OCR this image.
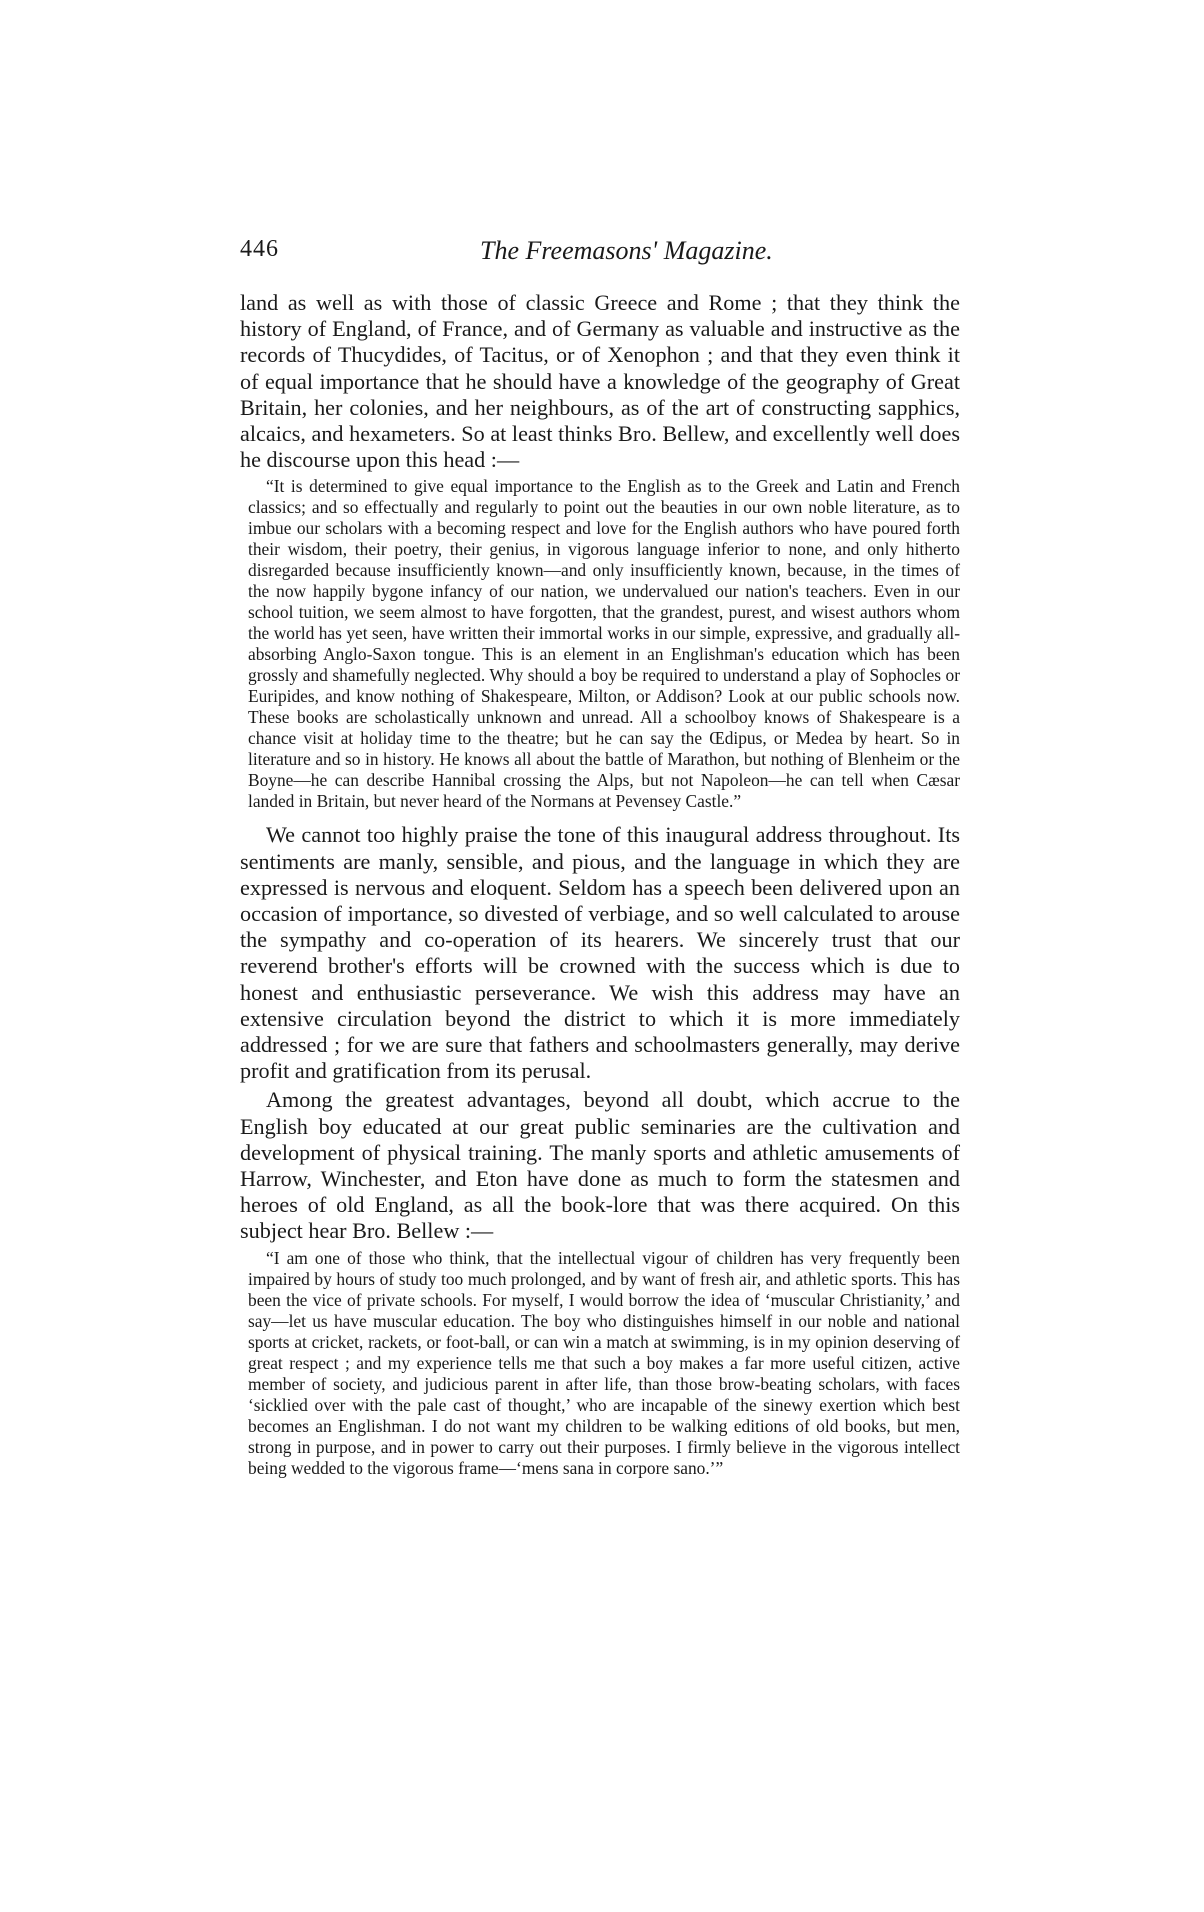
446	The Freemasons' Magazine.

land as well as with those of classic Greece and Rome ; that they think the history of England, of France, and of Germany as valuable and instructive as the records of Thucydides, of Tacitus, or of Xenophon ; and that they even think it of equal importance that he should have a knowledge of the geography of Great Britain, her colonies, and her neighbours, as of the art of constructing sapphics, alcaics, and hexameters. So at least thinks Bro. Bellew, and excellently well does he discourse upon this head :—

“It is determined to give equal importance to the English as to the Greek and Latin and French classics; and so effectually and regularly to point out the beauties in our own noble literature, as to imbue our scholars with a becoming respect and love for the English authors who have poured forth their wisdom, their poetry, their genius, in vigorous language inferior to none, and only hitherto disregarded because insufficiently known—and only insufficiently known, because, in the times of the now happily bygone infancy of our nation, we undervalued our nation's teachers. Even in our school tuition, we seem almost to have forgotten, that the grandest, purest, and wisest authors whom the world has yet seen, have written their immortal works in our simple, expressive, and gradually all-absorbing Anglo-Saxon tongue. This is an element in an Englishman's education which has been grossly and shamefully neglected. Why should a boy be required to understand a play of Sophocles or Euripides, and know nothing of Shakespeare, Milton, or Addison? Look at our public schools now. These books are scholastically unknown and unread. All a schoolboy knows of Shakespeare is a chance visit at holiday time to the theatre; but he can say the Œdipus, or Medea by heart. So in literature and so in history. He knows all about the battle of Marathon, but nothing of Blenheim or the Boyne—he can describe Hannibal crossing the Alps, but not Napoleon—he can tell when Cæsar landed in Britain, but never heard of the Normans at Pevensey Castle.”

We cannot too highly praise the tone of this inaugural address throughout. Its sentiments are manly, sensible, and pious, and the language in which they are expressed is nervous and eloquent. Seldom has a speech been delivered upon an occasion of importance, so divested of verbiage, and so well calculated to arouse the sympathy and co-operation of its hearers. We sincerely trust that our reverend brother's efforts will be crowned with the success which is due to honest and enthusiastic perseverance. We wish this address may have an extensive circulation beyond the district to which it is more immediately addressed ; for we are sure that fathers and schoolmasters generally, may derive profit and gratification from its perusal.

Among the greatest advantages, beyond all doubt, which accrue to the English boy educated at our great public seminaries are the cultivation and development of physical training. The manly sports and athletic amusements of Harrow, Winchester, and Eton have done as much to form the statesmen and heroes of old England, as all the book-lore that was there acquired. On this subject hear Bro. Bellew :—

“I am one of those who think, that the intellectual vigour of children has very frequently been impaired by hours of study too much prolonged, and by want of fresh air, and athletic sports. This has been the vice of private schools. For myself, I would borrow the idea of ‘muscular Christianity,’ and say—let us have muscular education. The boy who distinguishes himself in our noble and national sports at cricket, rackets, or foot-ball, or can win a match at swimming, is in my opinion deserving of great respect ; and my experience tells me that such a boy makes a far more useful citizen, active member of society, and judicious parent in after life, than those brow-beating scholars, with faces ‘sicklied over with the pale cast of thought,’ who are incapable of the sinewy exertion which best becomes an Englishman. I do not want my children to be walking editions of old books, but men, strong in purpose, and in power to carry out their purposes. I firmly believe in the vigorous intellect being wedded to the vigorous frame—‘mens sana in corpore sano.’”
